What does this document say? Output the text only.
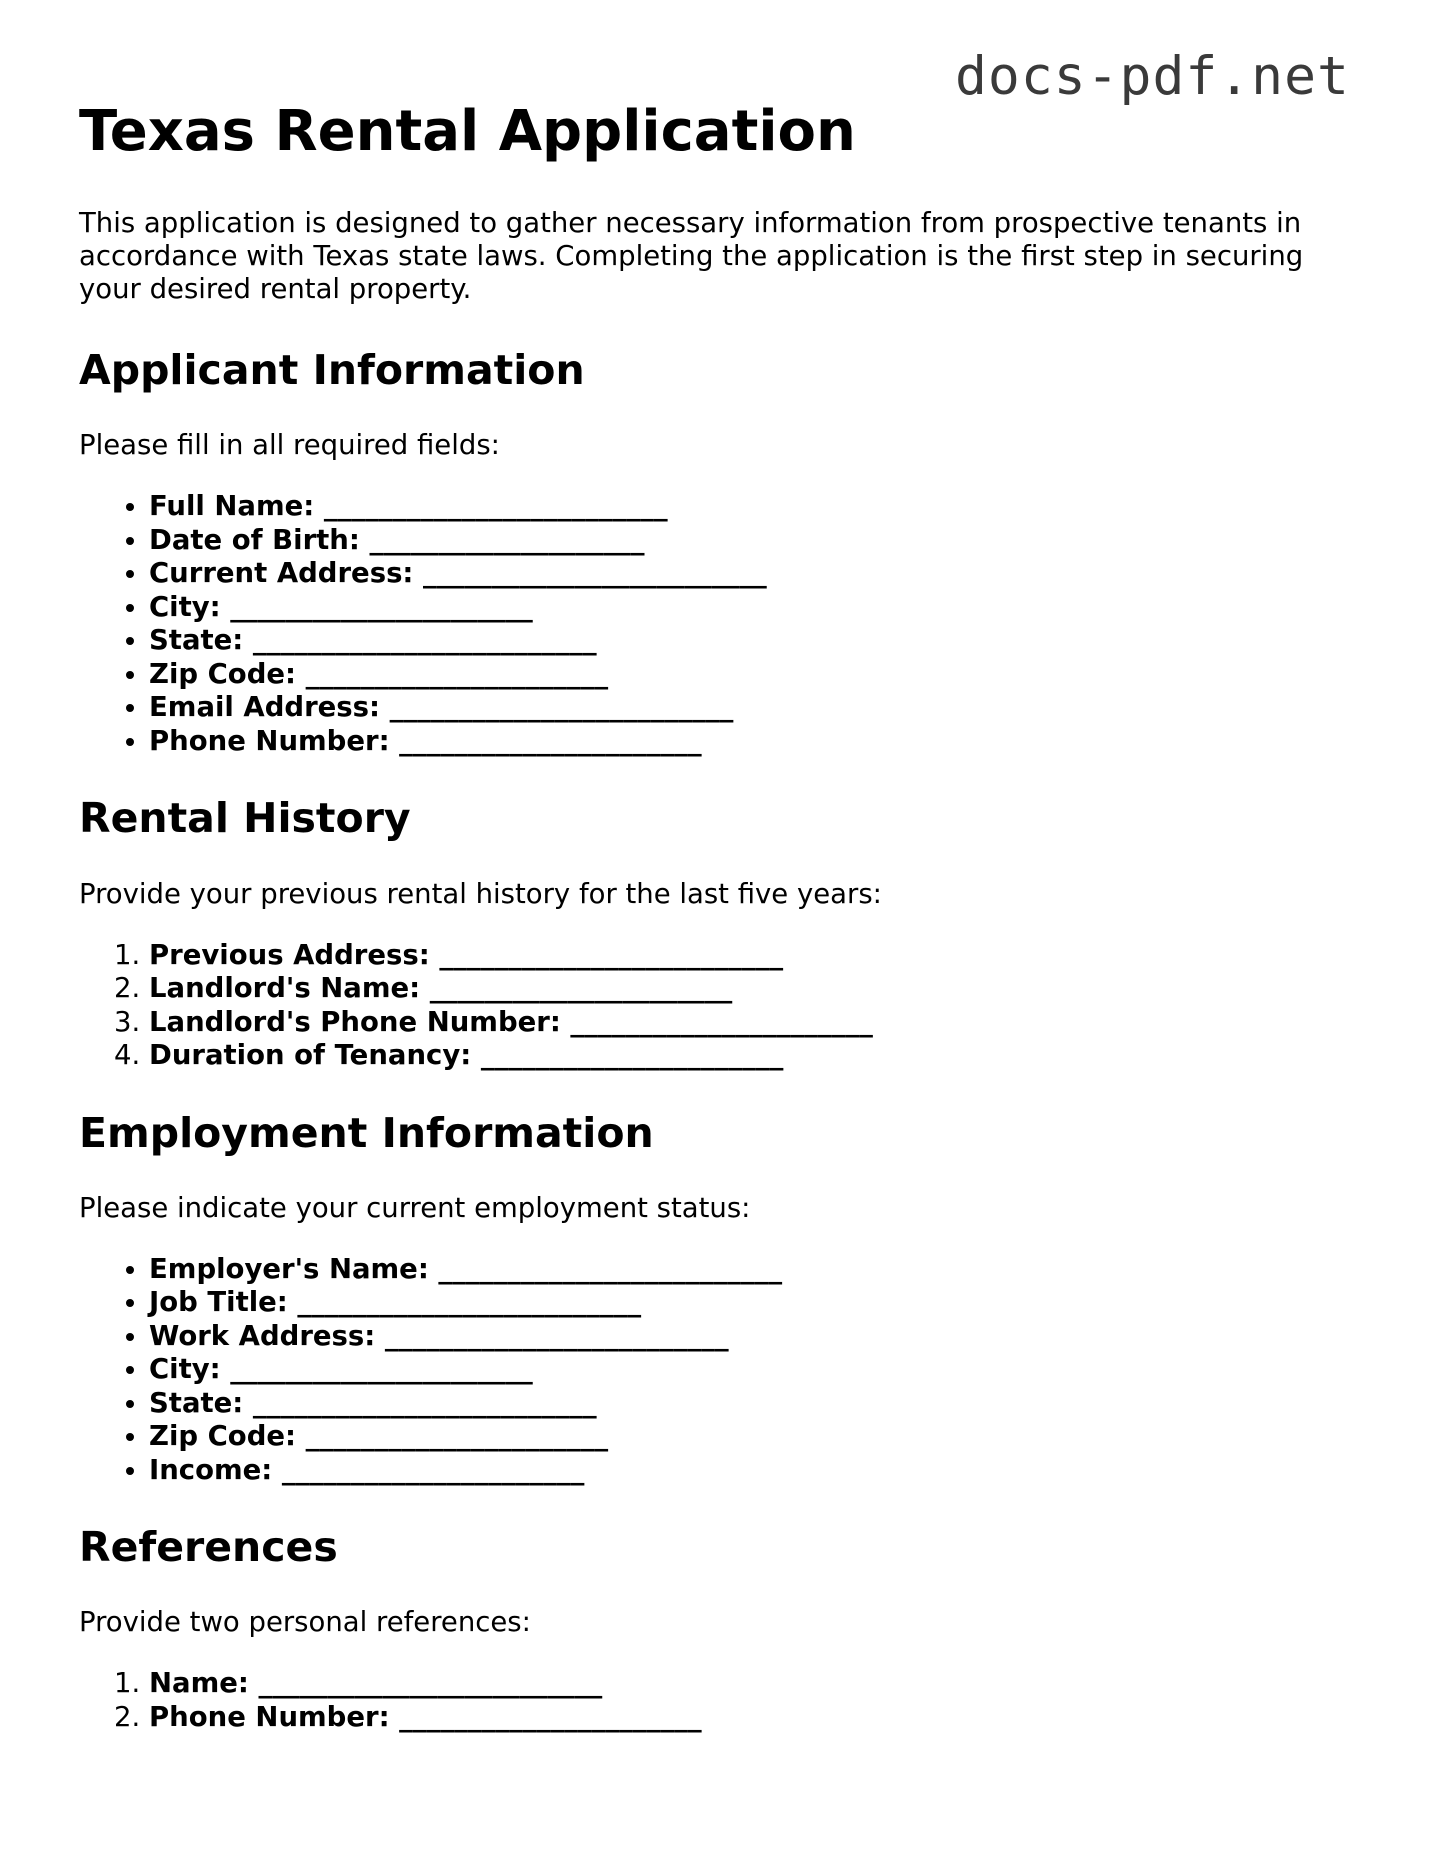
docs-pdf.net
Texas Rental Application

This application is designed to gather necessary information from prospective tenants in accordance with Texas state laws. Completing the application is the first step in securing your desired rental property.

Applicant Information

Please fill in all required fields:

• Full Name: _________________________
• Date of Birth: ____________________
• Current Address: _________________________
• City: ______________________
• State: _________________________
• Zip Code: ______________________
• Email Address: _________________________
• Phone Number: ______________________
Rental History

Provide your previous rental history for the last five years:

1. Previous Address: _________________________
2. Landlord's Name: ______________________
3. Landlord's Phone Number: ______________________
4. Duration of Tenancy: ______________________
Employment Information

Please indicate your current employment status:

• Employer's Name: _________________________
• Job Title: _________________________
• Work Address: _________________________
• City: ______________________
• State: _________________________
• Zip Code: ______________________
• Income: ______________________
References

Provide two personal references:

1. Name: _________________________
2. Phone Number: ______________________
